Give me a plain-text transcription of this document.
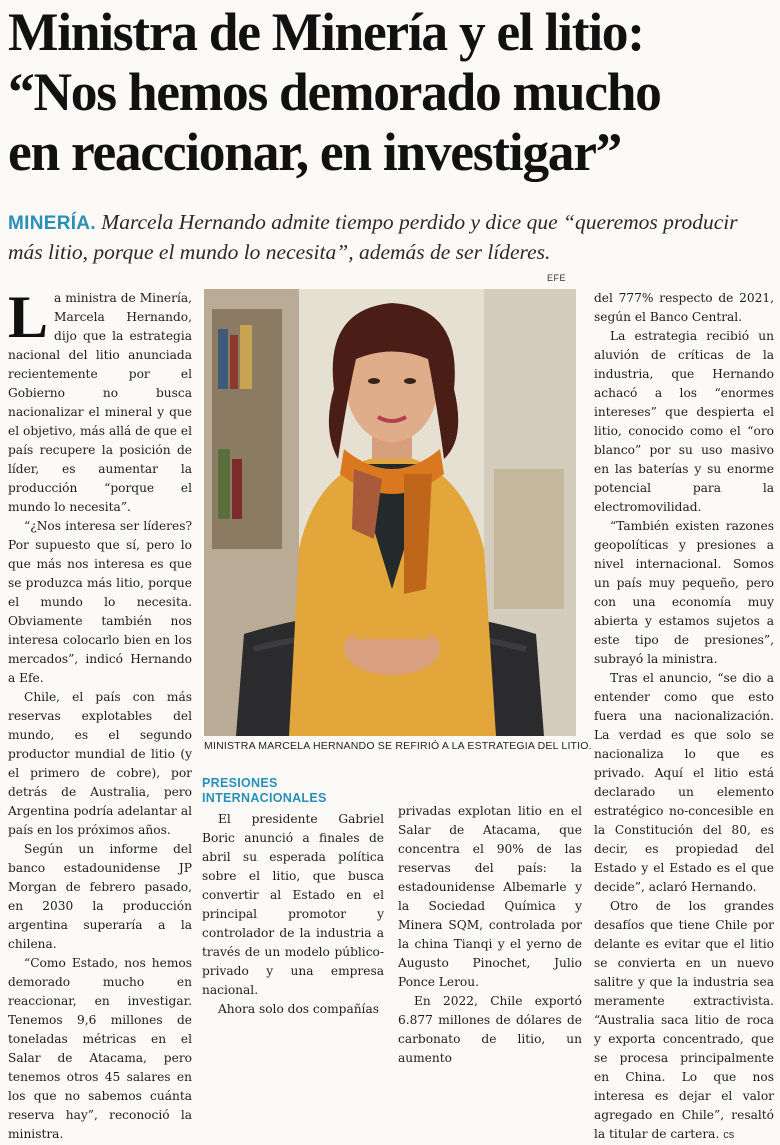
Ministra de Minería y el litio:
“Nos hemos demorado mucho
en reaccionar, en investigar”
MINERÍA. Marcela Hernando admite tiempo perdido y dice que “queremos producir más litio, porque el mundo lo necesita”, además de ser líderes.
EFE

La ministra de Minería, Marcela Hernando, dijo que la estrategia nacional del litio anunciada recientemente por el Gobierno no busca nacionalizar el mineral y que el objetivo, más allá de que el país recupere la posición de líder, es aumentar la producción “porque el mundo lo necesita”.

“¿Nos interesa ser líderes? Por supuesto que sí, pero lo que más nos interesa es que se produzca más litio, porque el mundo lo necesita. Obviamente también nos interesa colocarlo bien en los mercados”, indicó Hernando a Efe.

Chile, el país con más reservas explotables del mundo, es el segundo productor mundial de litio (y el primero de cobre), por detrás de Australia, pero Argentina podría adelantar al país en los próximos años.

Según un informe del banco estadounidense JP Morgan de febrero pasado, en 2030 la producción argentina superaría a la chilena.

“Como Estado, nos hemos demorado mucho en reaccionar, en investigar. Tenemos 9,6 millones de toneladas métricas en el Salar de Atacama, pero tenemos otros 45 salares en los que no sabemos cuánta reserva hay”, reconoció la ministra.

MINISTRA MARCELA HERNANDO SE REFIRIÓ A LA ESTRATEGIA DEL LITIO.

PRESIONES INTERNACIONALES

El presidente Gabriel Boric anunció a finales de abril su esperada política sobre el litio, que busca convertir al Estado en el principal promotor y controlador de la industria a través de un modelo público-privado y una empresa nacional.

Ahora solo dos compañías

privadas explotan litio en el Salar de Atacama, que concentra el 90% de las reservas del país: la estadounidense Albemarle y la Sociedad Química y Minera SQM, controlada por la china Tianqi y el yerno de Augusto Pinochet, Julio Ponce Lerou.

En 2022, Chile exportó 6.877 millones de dólares de carbonato de litio, un aumento

del 777% respecto de 2021, según el Banco Central.

La estrategia recibió un aluvión de críticas de la industria, que Hernando achacó a los “enormes intereses” que despierta el litio, conocido como el “oro blanco” por su uso masivo en las baterías y su enorme potencial para la electromovilidad.

“También existen razones geopolíticas y presiones a nivel internacional. Somos un país muy pequeño, pero con una economía muy abierta y estamos sujetos a este tipo de presiones”, subrayó la ministra.

Tras el anuncio, “se dio a entender como que esto fuera una nacionalización. La verdad es que solo se nacionaliza lo que es privado. Aquí el litio está declarado un elemento estratégico no-concesible en la Constitución del 80, es decir, es propiedad del Estado y el Estado es el que decide”, aclaró Hernando.

Otro de los grandes desafíos que tiene Chile por delante es evitar que el litio se convierta en un nuevo salitre y que la industria sea meramente extractivista. “Australia saca litio de roca y exporta concentrado, que se procesa principalmente en China. Lo que nos interesa es dejar el valor agregado en Chile”, resaltó la titular de cartera. cs
